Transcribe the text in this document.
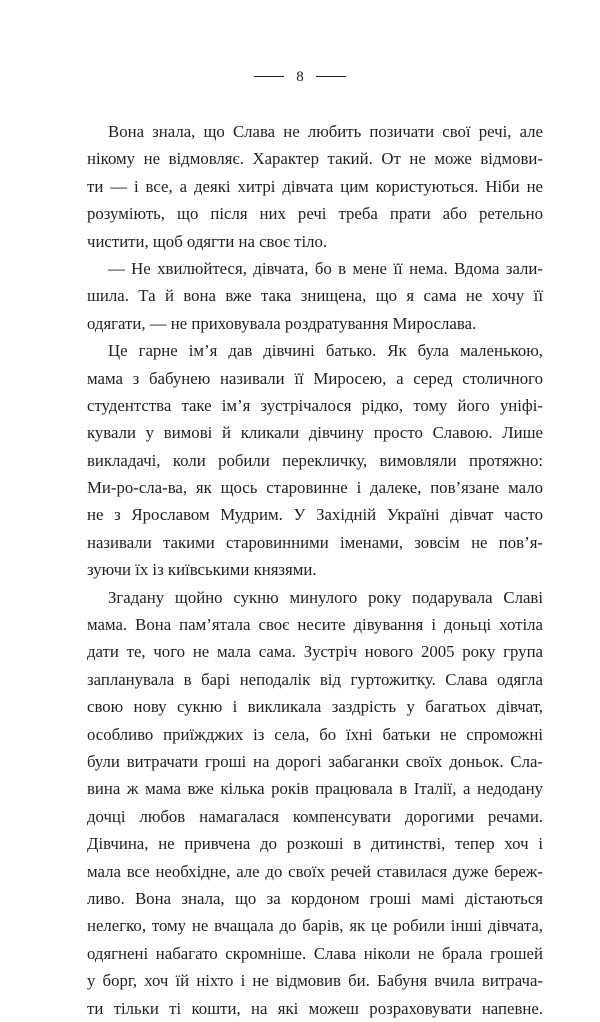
8

Вона знала, що Слава не любить позичати свої речі, але
нікому не відмовляє. Характер такий. От не може відмови-
ти — і все, а деякі хитрі дівчата цим користуються. Ніби не
розуміють, що після них речі треба прати або ретельно
чистити, щоб одягти на своє тіло.

— Не хвилюйтеся, дівчата, бо в мене її нема. Вдома зали-
шила. Та й вона вже така знищена, що я сама не хочу її
одягати, — не приховувала роздратування Мирослава.

Це гарне ім’я дав дівчині батько. Як була маленькою,
мама з бабунею називали її Миросею, а серед столичного
студентства таке ім’я зустрічалося рідко, тому його уніфі-
кували у вимові й кликали дівчину просто Славою. Лише
викладачі, коли робили перекличку, вимовляли протяжно:
Ми-ро-сла-ва, як щось старовинне і далеке, пов’язане мало
не з Ярославом Мудрим. У Західній Україні дівчат часто
називали такими старовинними іменами, зовсім не пов’я-
зуючи їх із київськими князями.

Згадану щойно сукню минулого року подарувала Славі
мама. Вона пам’ятала своє несите дівування і доньці хотіла
дати те, чого не мала сама. Зустріч нового 2005 року група
запланувала в барі неподалік від гуртожитку. Слава одягла
свою нову сукню і викликала заздрість у багатьох дівчат,
особливо приїжджих із села, бо їхні батьки не спроможні
були витрачати гроші на дорогі забаганки своїх доньок. Сла-
вина ж мама вже кілька років працювала в Італії, а недодану
дочці любов намагалася компенсувати дорогими речами.
Дівчина, не привчена до розкоші в дитинстві, тепер хоч і
мала все необхідне, але до своїх речей ставилася дуже береж-
ливо. Вона знала, що за кордоном гроші мамі дістаються
нелегко, тому не вчащала до барів, як це робили інші дівчата,
одягнені набагато скромніше. Слава ніколи не брала грошей
у борг, хоч їй ніхто і не відмовив би. Бабуня вчила витрача-
ти тільки ті кошти, на які можеш розраховувати напевне.
